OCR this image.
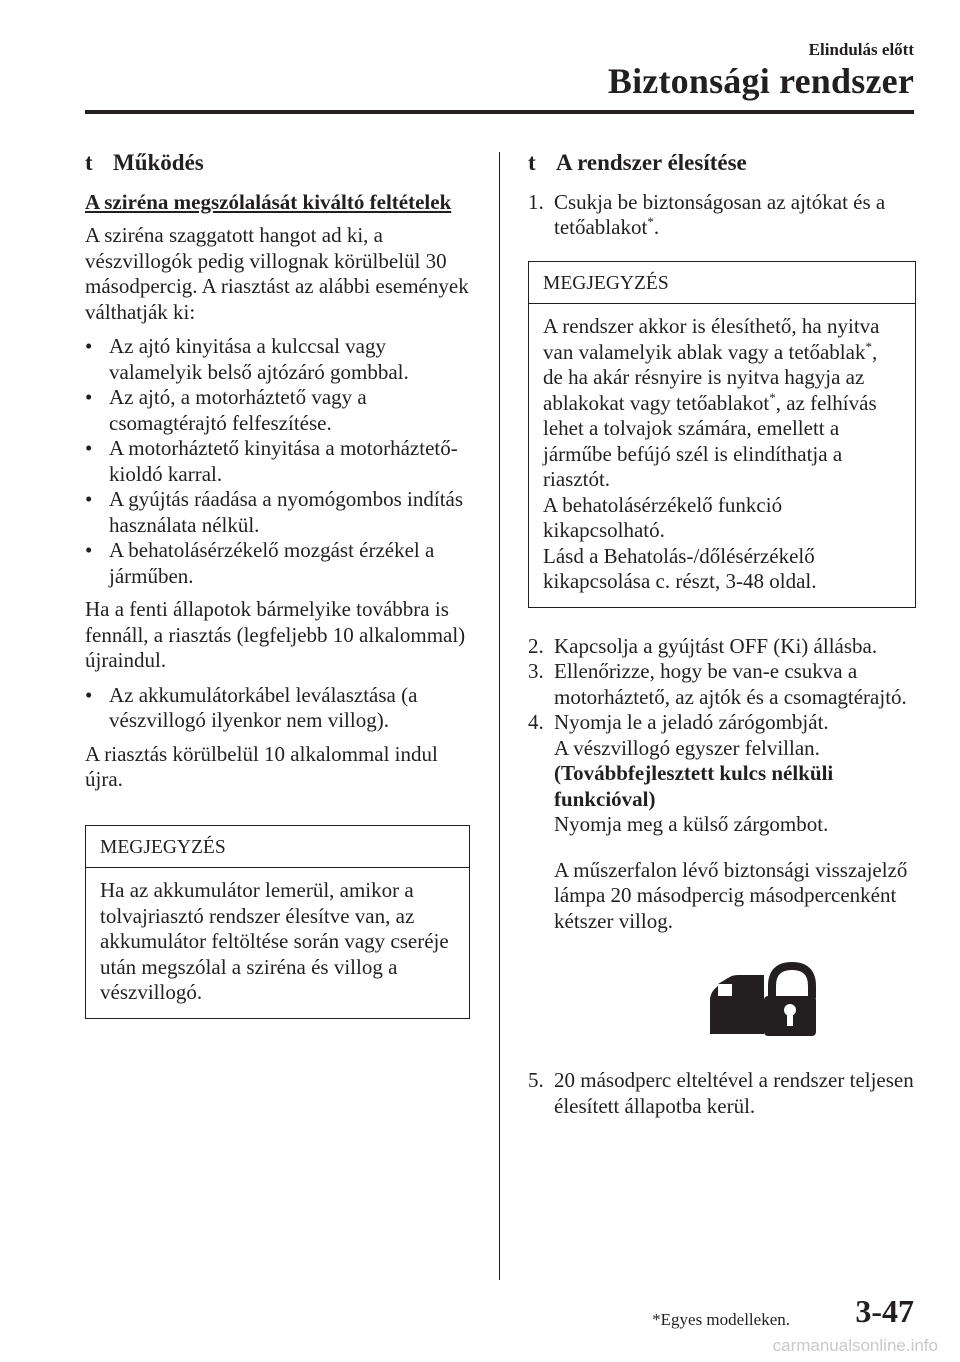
Elindulás előtt
Biztonsági rendszer
t Működés
A sziréna megszólalását kiváltó feltételek

A sziréna szaggatott hangot ad ki, a vészvillogók pedig villognak körülbelül 30 másodpercig. A riasztást az alábbi események válthatják ki:

• Az ajtó kinyitása a kulccsal vagy valamelyik belső ajtózáró gombbal.
• Az ajtó, a motorháztető vagy a csomagtérajtó felfeszítése.
• A motorháztető kinyitása a motorháztető-kioldó karral.
• A gyújtás ráadása a nyomógombos indítás használata nélkül.
• A behatolásérzékelő mozgást érzékel a járműben.

Ha a fenti állapotok bármelyike továbbra is fennáll, a riasztás (legfeljebb 10 alkalommal) újraindul.

• Az akkumulátorkábel leválasztása (a vészvillogó ilyenkor nem villog).

A riasztás körülbelül 10 alkalommal indul újra.

MEGJEGYZÉS
Ha az akkumulátor lemerül, amikor a tolvajriasztó rendszer élesítve van, az akkumulátor feltöltése során vagy cseréje után megszólal a sziréna és villog a vészvillogó.
t A rendszer élesítése
1. Csukja be biztonságosan az ajtókat és a tetőablakot*.
MEGJEGYZÉS
A rendszer akkor is élesíthető, ha nyitva van valamelyik ablak vagy a tetőablak*, de ha akár résnyire is nyitva hagyja az ablakokat vagy tetőablakot*, az felhívás lehet a tolvajok számára, emellett a járműbe befújó szél is elindíthatja a riasztót.
A behatolásérzékelő funkció kikapcsolható.
Lásd a Behatolás-/dőlésérzékelő kikapcsolása c. részt, 3-48 oldal.
2. Kapcsolja a gyújtást OFF (Ki) állásba.
3. Ellenőrizze, hogy be van-e csukva a motorháztető, az ajtók és a csomagtérajtó.
4. Nyomja le a jeladó zárógombját.
A vészvillogó egyszer felvillan.
(Továbbfejlesztett kulcs nélküli funkcióval)
Nyomja meg a külső zárgombot.
A műszerfalon lévő biztonsági visszajelző lámpa 20 másodpercig másodpercenként kétszer villog.
5. 20 másodperc elteltével a rendszer teljesen élesített állapotba kerül.
*Egyes modelleken. 3-47
carmanualsonline.info
